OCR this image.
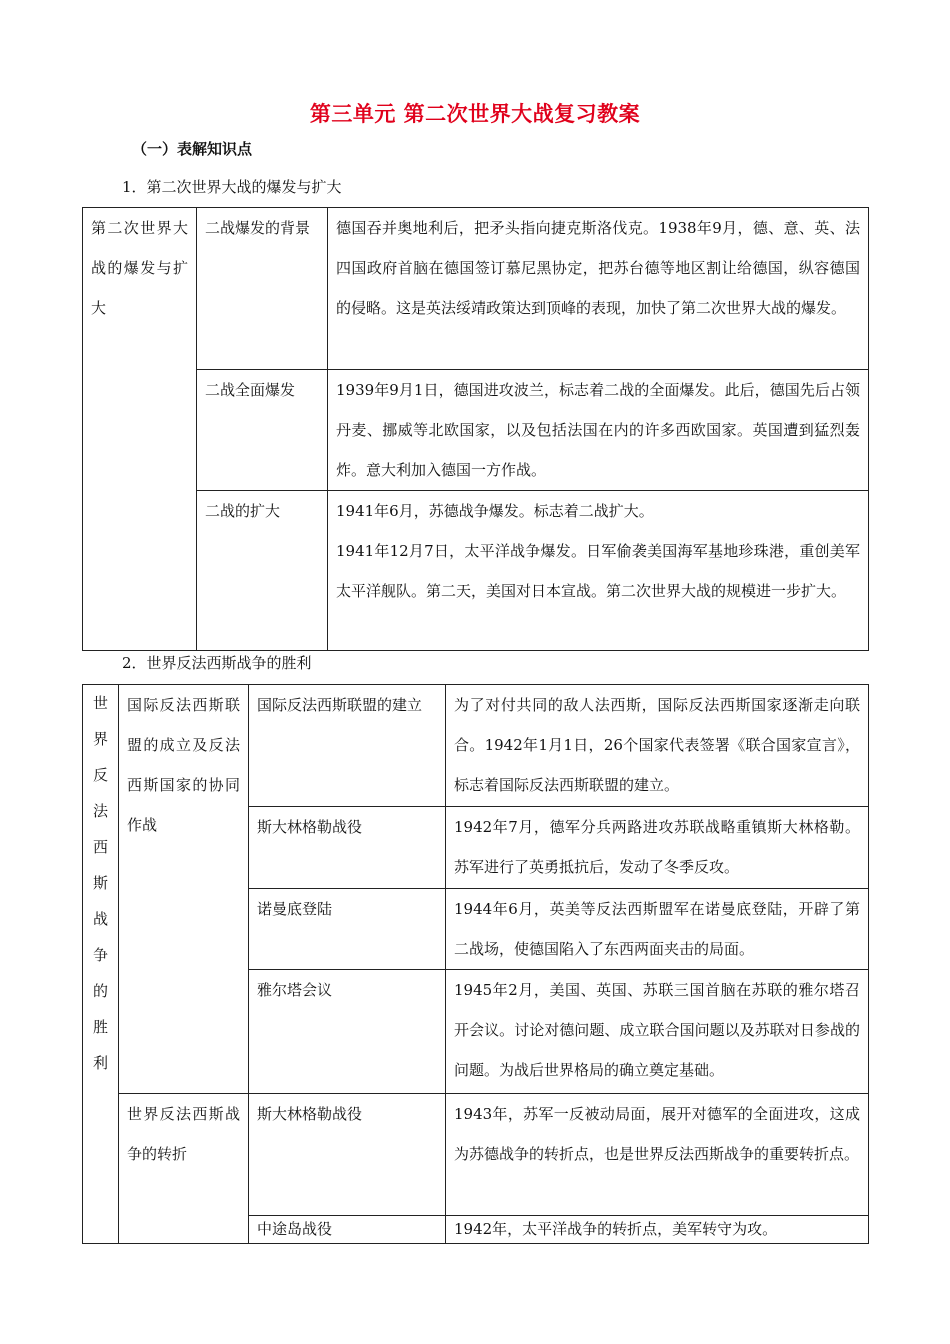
第三单元 第二次世界大战复习教案
（一）表解知识点
1．第二次世界大战的爆发与扩大
第二次世界大战的爆发与扩大	二战爆发的背景	德国吞并奥地利后，把矛头指向捷克斯洛伐克。1938年9月，德、意、英、法四国政府首脑在德国签订慕尼黑协定，把苏台德等地区割让给德国，纵容德国的侵略。这是英法绥靖政策达到顶峰的表现，加快了第二次世界大战的爆发。
	二战全面爆发	1939年9月1日，德国进攻波兰，标志着二战的全面爆发。此后，德国先后占领丹麦、挪威等北欧国家，以及包括法国在内的许多西欧国家。英国遭到猛烈轰炸。意大利加入德国一方作战。
	二战的扩大	1941年6月，苏德战争爆发。标志着二战扩大。
1941年12月7日，太平洋战争爆发。日军偷袭美国海军基地珍珠港，重创美军太平洋舰队。第二天，美国对日本宣战。第二次世界大战的规模进一步扩大。
2．世界反法西斯战争的胜利
世界反法西斯战争的胜利	国际反法西斯联盟的成立及反法西斯国家的协同作战	国际反法西斯联盟的建立	为了对付共同的敌人法西斯，国际反法西斯国家逐渐走向联合。1942年1月1日，26个国家代表签署《联合国家宣言》，标志着国际反法西斯联盟的建立。
		斯大林格勒战役	1942年7月，德军分兵两路进攻苏联战略重镇斯大林格勒。苏军进行了英勇抵抗后，发动了冬季反攻。
		诺曼底登陆	1944年6月，英美等反法西斯盟军在诺曼底登陆，开辟了第二战场，使德国陷入了东西两面夹击的局面。
		雅尔塔会议	1945年2月，美国、英国、苏联三国首脑在苏联的雅尔塔召开会议。讨论对德问题、成立联合国问题以及苏联对日参战的问题。为战后世界格局的确立奠定基础。
	世界反法西斯战争的转折	斯大林格勒战役	1943年，苏军一反被动局面，展开对德军的全面进攻，这成为苏德战争的转折点，也是世界反法西斯战争的重要转折点。
		中途岛战役	1942年，太平洋战争的转折点，美军转守为攻。
